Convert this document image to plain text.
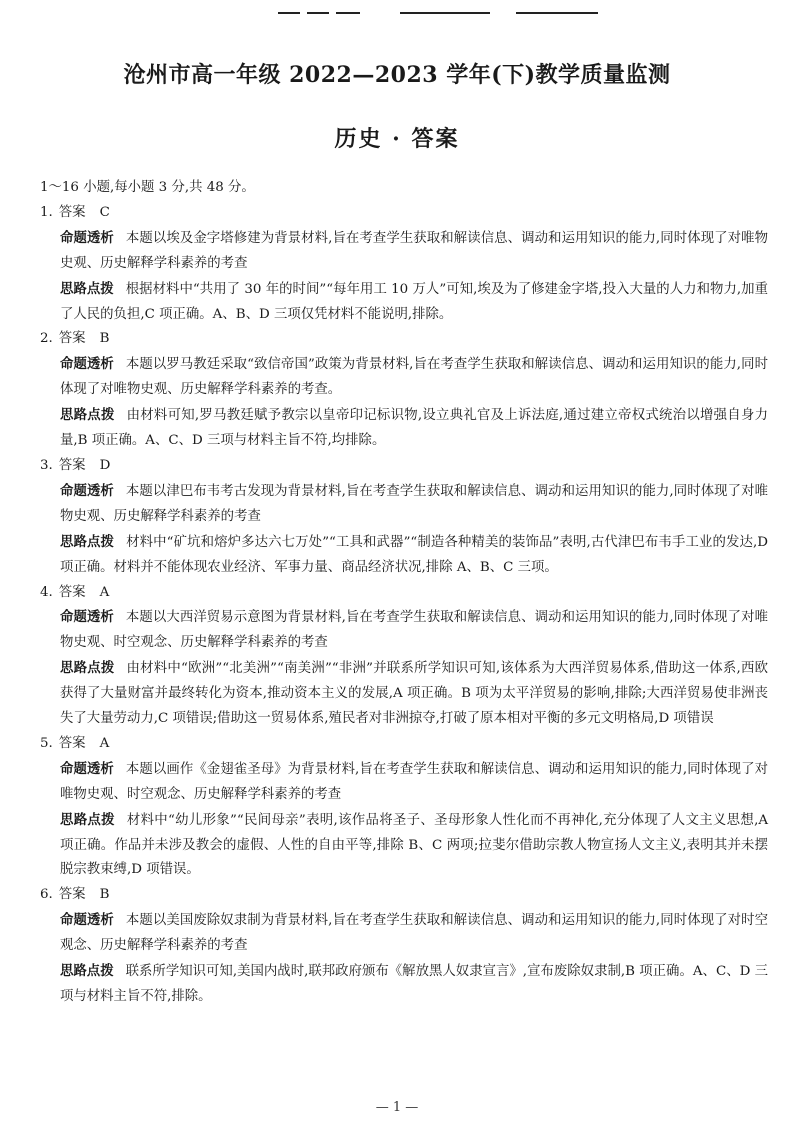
沧州市高一年级 2022—2023 学年(下)教学质量监测
历史 · 答案

1～16 小题,每小题 3 分,共 48 分。

1. 答案 C

命题透析 本题以埃及金字塔修建为背景材料,旨在考查学生获取和解读信息、调动和运用知识的能力,同时体现了对唯物史观、历史解释学科素养的考查

思路点拨 根据材料中“共用了 30 年的时间”“每年用工 10 万人”可知,埃及为了修建金字塔,投入大量的人力和物力,加重了人民的负担,C 项正确。A、B、D 三项仅凭材料不能说明,排除。

2. 答案 B

命题透析 本题以罗马教廷采取“致信帝国”政策为背景材料,旨在考查学生获取和解读信息、调动和运用知识的能力,同时体现了对唯物史观、历史解释学科素养的考查。

思路点拨 由材料可知,罗马教廷赋予教宗以皇帝印记标识物,设立典礼官及上诉法庭,通过建立帝权式统治以增强自身力量,B 项正确。A、C、D 三项与材料主旨不符,均排除。

3. 答案 D

命题透析 本题以津巴布韦考古发现为背景材料,旨在考查学生获取和解读信息、调动和运用知识的能力,同时体现了对唯物史观、历史解释学科素养的考查

思路点拨 材料中“矿坑和熔炉多达六七万处”“工具和武器”“制造各种精美的装饰品”表明,古代津巴布韦手工业的发达,D 项正确。材料并不能体现农业经济、军事力量、商品经济状况,排除 A、B、C 三项。

4. 答案 A

命题透析 本题以大西洋贸易示意图为背景材料,旨在考查学生获取和解读信息、调动和运用知识的能力,同时体现了对唯物史观、时空观念、历史解释学科素养的考查

思路点拨 由材料中“欧洲”“北美洲”“南美洲”“非洲”并联系所学知识可知,该体系为大西洋贸易体系,借助这一体系,西欧获得了大量财富并最终转化为资本,推动资本主义的发展,A 项正确。B 项为太平洋贸易的影响,排除;大西洋贸易使非洲丧失了大量劳动力,C 项错误;借助这一贸易体系,殖民者对非洲掠夺,打破了原本相对平衡的多元文明格局,D 项错误

5. 答案 A

命题透析 本题以画作《金翅雀圣母》为背景材料,旨在考查学生获取和解读信息、调动和运用知识的能力,同时体现了对唯物史观、时空观念、历史解释学科素养的考查

思路点拨 材料中“幼儿形象”“民间母亲”表明,该作品将圣子、圣母形象人性化而不再神化,充分体现了人文主义思想,A 项正确。作品并未涉及教会的虚假、人性的自由平等,排除 B、C 两项;拉斐尔借助宗教人物宣扬人文主义,表明其并未摆脱宗教束缚,D 项错误。

6. 答案 B

命题透析 本题以美国废除奴隶制为背景材料,旨在考查学生获取和解读信息、调动和运用知识的能力,同时体现了对时空观念、历史解释学科素养的考查

思路点拨 联系所学知识可知,美国内战时,联邦政府颁布《解放黑人奴隶宣言》,宣布废除奴隶制,B 项正确。A、C、D 三项与材料主旨不符,排除。

— 1 —
